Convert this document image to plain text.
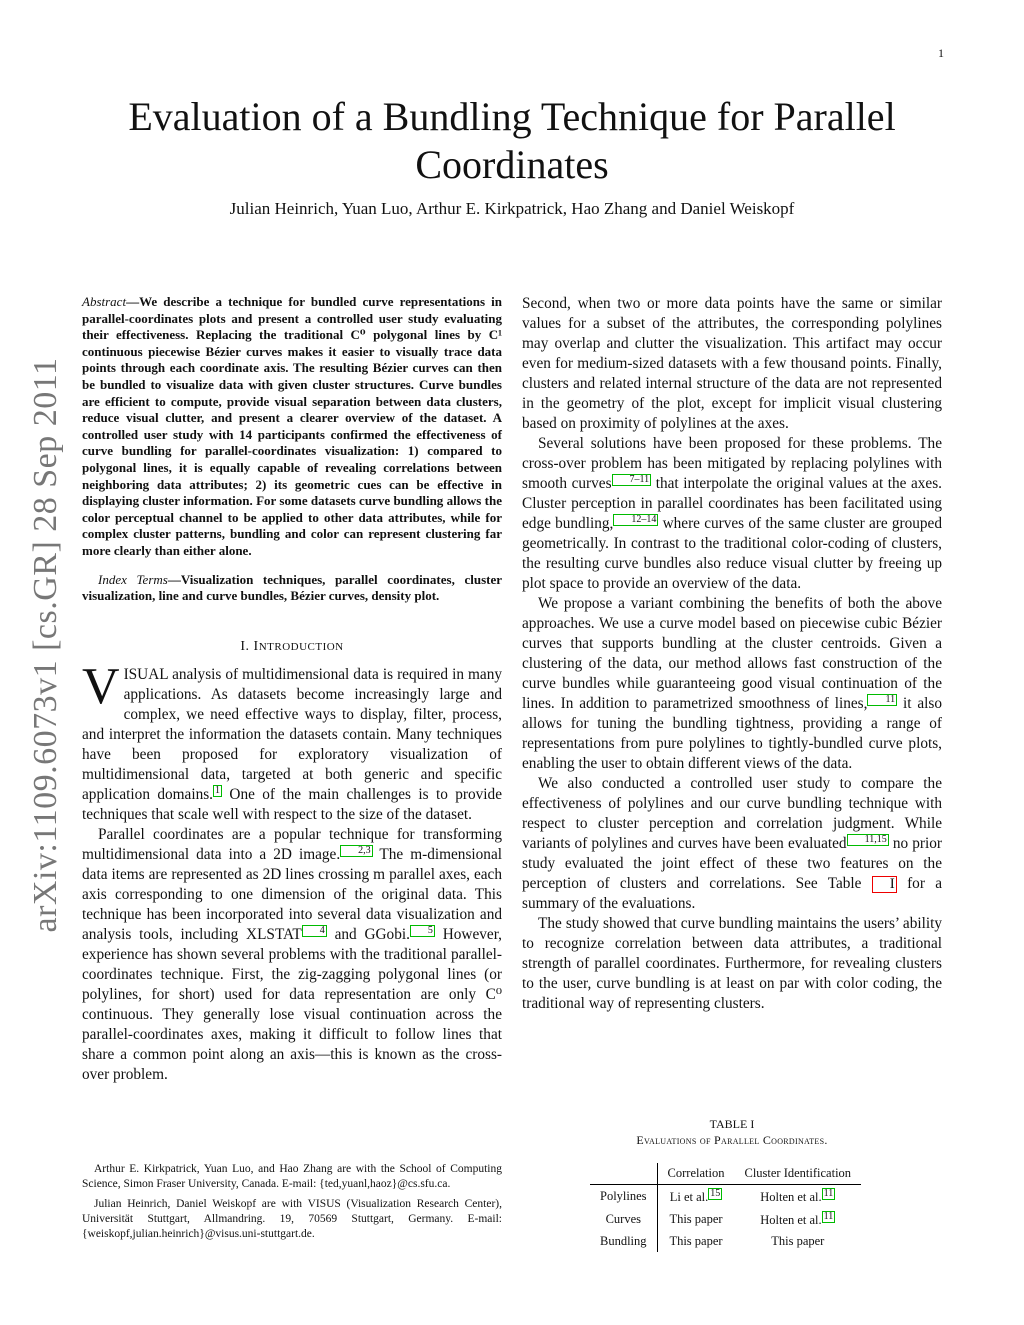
1
arXiv:1109.6073v1 [cs.GR] 28 Sep 2011
Evaluation of a Bundling Technique for Parallel
Coordinates
Julian Heinrich, Yuan Luo, Arthur E. Kirkpatrick, Hao Zhang and Daniel Weiskopf

Abstract—We describe a technique for bundled curve representations in parallel-coordinates plots and present a controlled user study evaluating their effectiveness. Replacing the traditional C⁰ polygonal lines by C¹ continuous piecewise Bézier curves makes it easier to visually trace data points through each coordinate axis. The resulting Bézier curves can then be bundled to visualize data with given cluster structures. Curve bundles are efficient to compute, provide visual separation between data clusters, reduce visual clutter, and present a clearer overview of the dataset. A controlled user study with 14 participants confirmed the effectiveness of curve bundling for parallel-coordinates visualization: 1) compared to polygonal lines, it is equally capable of revealing correlations between neighboring data attributes; 2) its geometric cues can be effective in displaying cluster information. For some datasets curve bundling allows the color perceptual channel to be applied to other data attributes, while for complex cluster patterns, bundling and color can represent clustering far more clearly than either alone.

Index Terms—Visualization techniques, parallel coordinates, cluster visualization, line and curve bundles, Bézier curves, density plot.

I. INTRODUCTION

VISUAL analysis of multidimensional data is required in many applications. As datasets become increasingly large and complex, we need effective ways to display, filter, process, and interpret the information the datasets contain. Many techniques have been proposed for exploratory visualization of multidimensional data, targeted at both generic and specific application domains. 1 One of the main challenges is to provide techniques that scale well with respect to the size of the dataset.

Parallel coordinates are a popular technique for transforming multidimensional data into a 2D image. 2,3 The m-dimensional data items are represented as 2D lines crossing m parallel axes, each axis corresponding to one dimension of the original data. This technique has been incorporated into several data visualization and analysis tools, including XLSTAT 4 and GGobi. 5 However, experience has shown several problems with the traditional parallel-coordinates technique. First, the zig-zagging polygonal lines (or polylines, for short) used for data representation are only C⁰ continuous. They generally lose visual continuation across the parallel-coordinates axes, making it difficult to follow lines that share a common point along an axis—this is known as the cross-over problem.

Arthur E. Kirkpatrick, Yuan Luo, and Hao Zhang are with the School of Computing Science, Simon Fraser University, Canada. E-mail: {ted,yuanl,haoz}@cs.sfu.ca.

Julian Heinrich, Daniel Weiskopf are with VISUS (Visualization Research Center), Universität Stuttgart, Allmandring. 19, 70569 Stuttgart, Germany. E-mail: {weiskopf,julian.heinrich}@visus.uni-stuttgart.de.

Second, when two or more data points have the same or similar values for a subset of the attributes, the corresponding polylines may overlap and clutter the visualization. This artifact may occur even for medium-sized datasets with a few thousand points. Finally, clusters and related internal structure of the data are not represented in the geometry of the plot, except for implicit visual clustering based on proximity of polylines at the axes.

Several solutions have been proposed for these problems. The cross-over problem has been mitigated by replacing polylines with smooth curves 7–11 that interpolate the original values at the axes. Cluster perception in parallel coordinates has been facilitated using edge bundling, 12–14 where curves of the same cluster are grouped geometrically. In contrast to the traditional color-coding of clusters, the resulting curve bundles also reduce visual clutter by freeing up plot space to provide an overview of the data.

We propose a variant combining the benefits of both the above approaches. We use a curve model based on piecewise cubic Bézier curves that supports bundling at the cluster centroids. Given a clustering of the data, our method allows fast construction of the curve bundles while guaranteeing good visual continuation of the lines. In addition to parametrized smoothness of lines, 11 it also allows for tuning the bundling tightness, providing a range of representations from pure polylines to tightly-bundled curve plots, enabling the user to obtain different views of the data.

We also conducted a controlled user study to compare the effectiveness of polylines and our curve bundling technique with respect to cluster perception and correlation judgment. While variants of polylines and curves have been evaluated 11,15 no prior study evaluated the joint effect of these two features on the perception of clusters and correlations. See Table I for a summary of the evaluations.

The study showed that curve bundling maintains the users’ ability to recognize correlation between data attributes, a traditional strength of parallel coordinates. Furthermore, for revealing clusters to the user, curve bundling is at least on par with color coding, the traditional way of representing clusters.

TABLE I
Evaluations of Parallel Coordinates.
	Correlation	Cluster Identification
Polylines	Li et al. 15	Holten et al. 11
Curves	This paper	Holten et al. 11
Bundling	This paper	This paper
